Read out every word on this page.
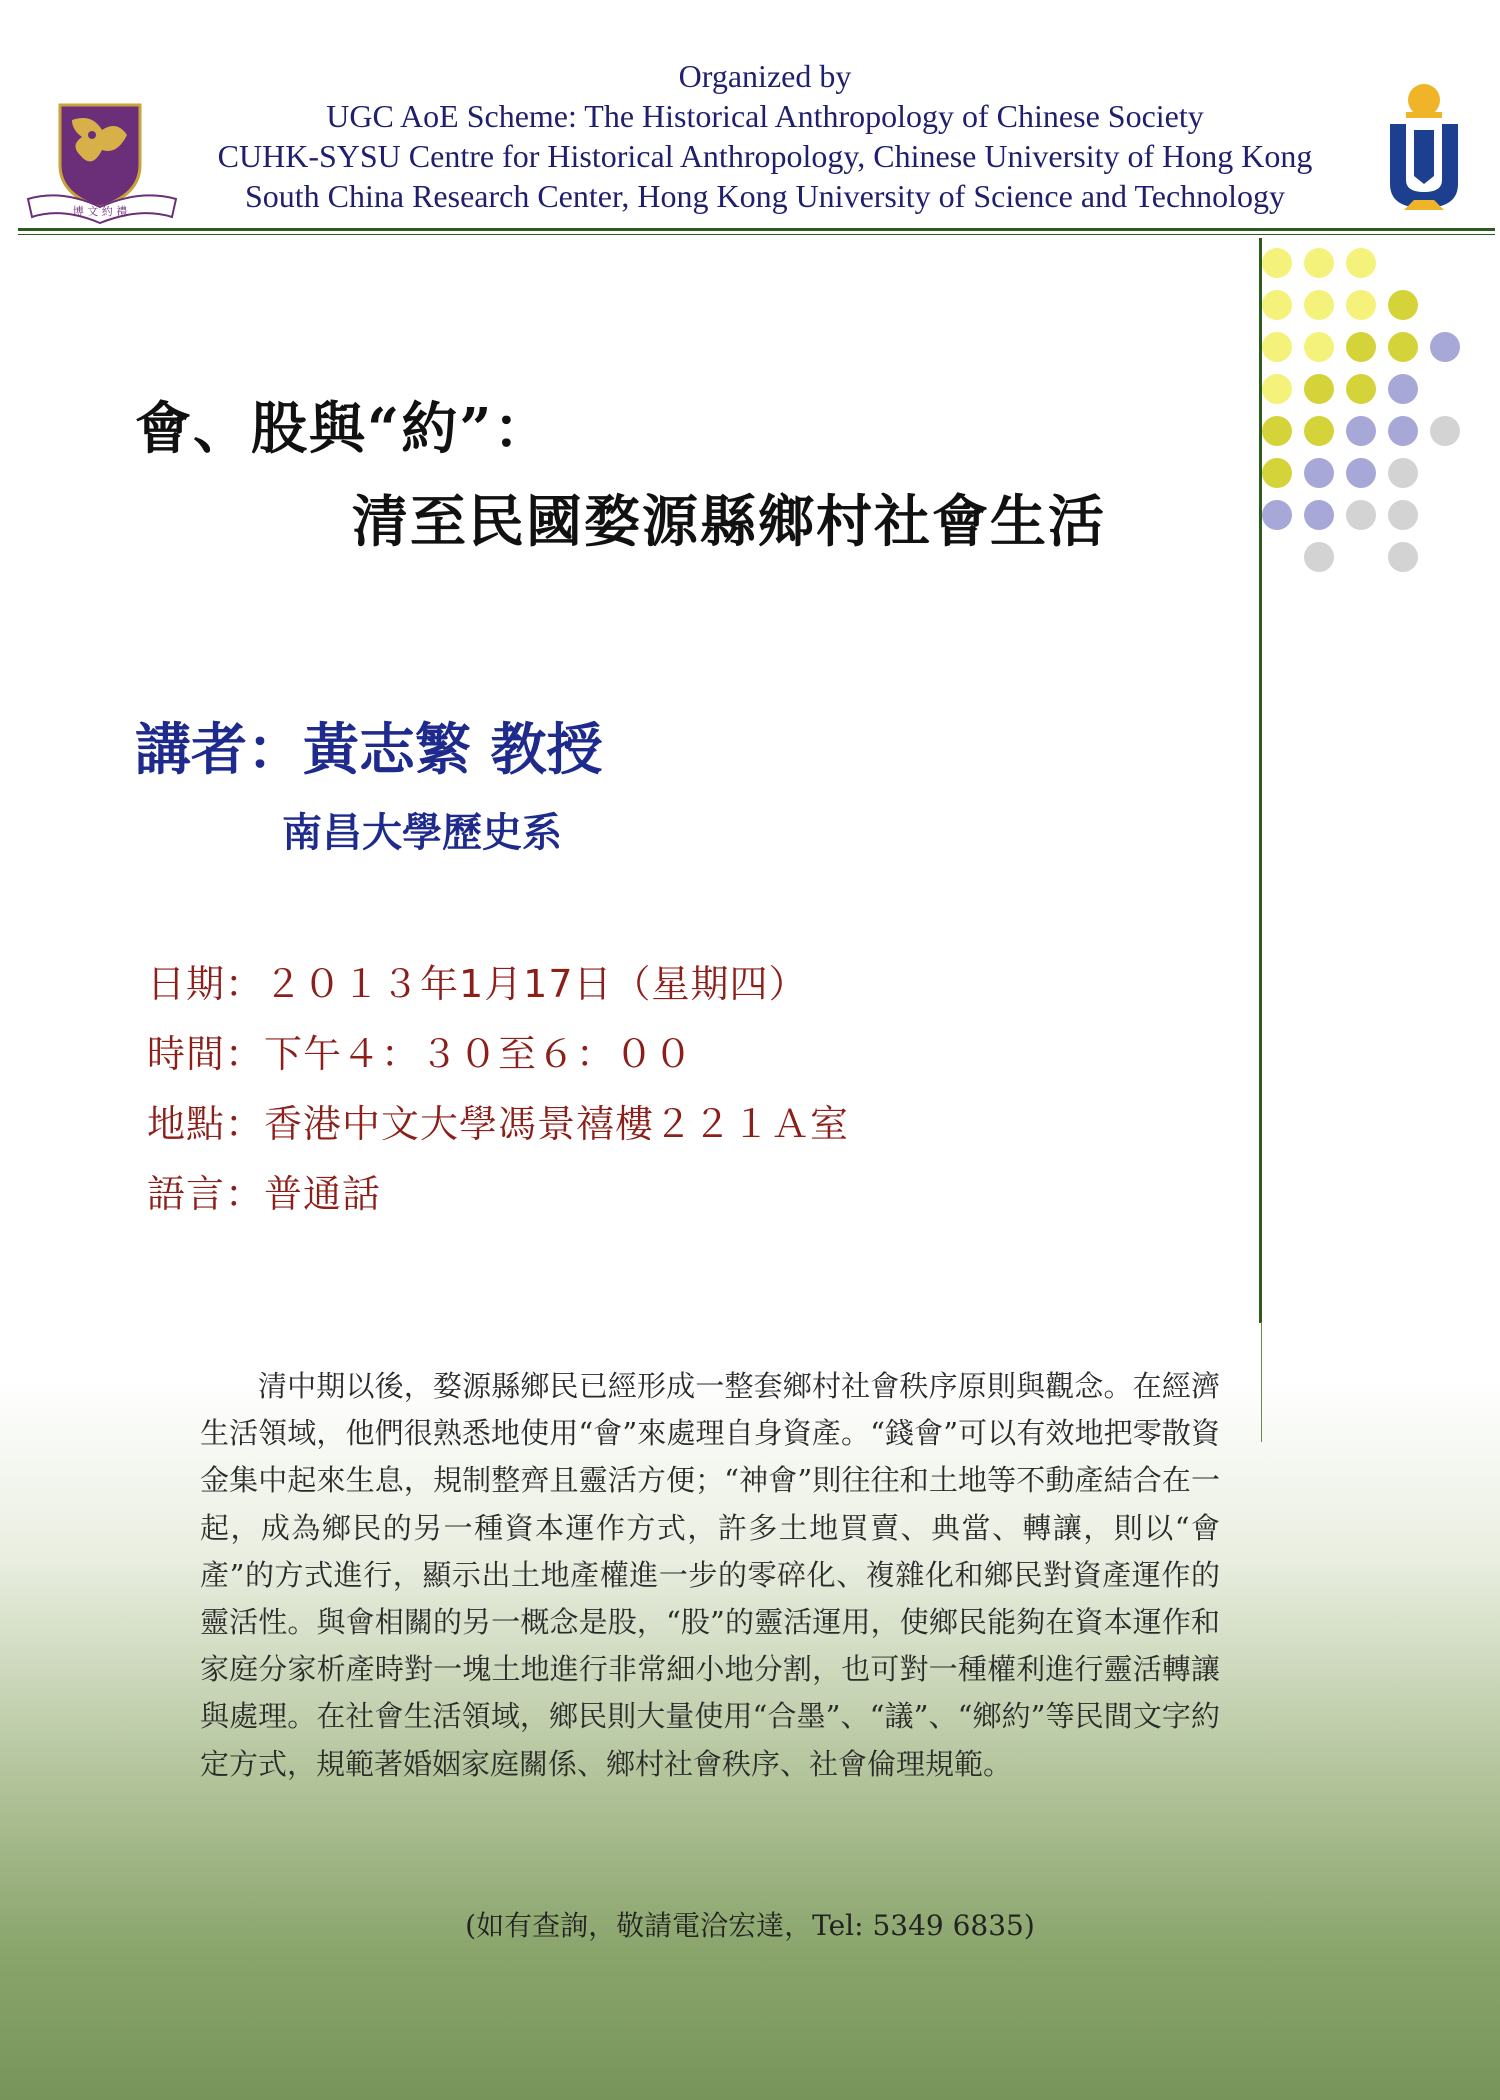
博 文 約 禮
Organized by
UGC AoE Scheme: The Historical Anthropology of Chinese Society
CUHK-SYSU Centre for Historical Anthropology, Chinese University of Hong Kong
South China Research Center, Hong Kong University of Science and Technology
會、股與“約”：
清至民國婺源縣鄉村社會生活
講者：黃志繁 教授
南昌大學歷史系
日期：２０１３年1月17日（星期四）
時間：下午４：３０至６：００
地點：香港中文大學馮景禧樓２２１Ａ室
語言：普通話

清中期以後，婺源縣鄉民已經形成一整套鄉村社會秩序原則與觀念。在經濟生活領域，他們很熟悉地使用“會”來處理自身資產。“錢會”可以有效地把零散資金集中起來生息，規制整齊且靈活方便；“神會”則往往和土地等不動產結合在一起，成為鄉民的另一種資本運作方式，許多土地買賣、典當、轉讓，則以“會產”的方式進行，顯示出土地產權進一步的零碎化、複雜化和鄉民對資產運作的靈活性。與會相關的另一概念是股，“股”的靈活運用，使鄉民能夠在資本運作和家庭分家析產時對一塊土地進行非常細小地分割，也可對一種權利進行靈活轉讓與處理。在社會生活領域，鄉民則大量使用“合墨”、“議”、“鄉約”等民間文字約定方式，規範著婚姻家庭關係、鄉村社會秩序、社會倫理規範。

(如有查詢，敬請電洽宏達，Tel: 5349 6835)
